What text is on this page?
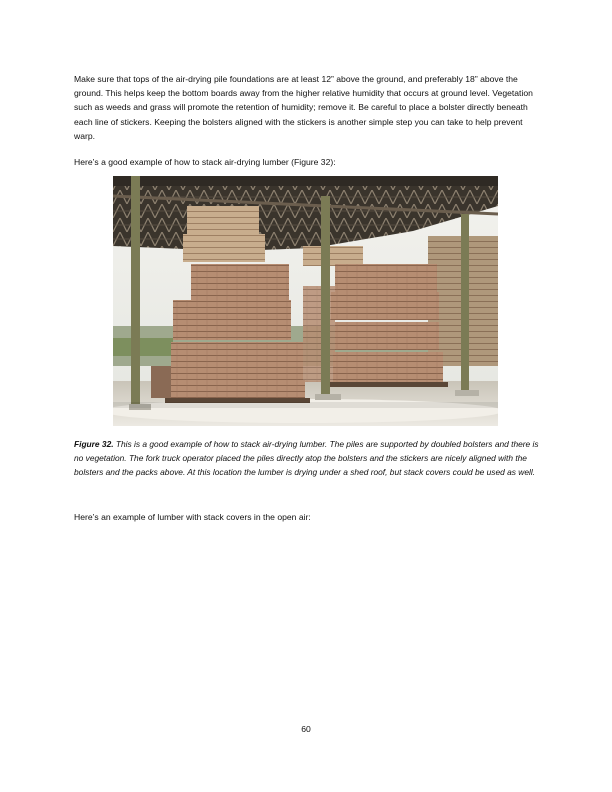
Make sure that tops of the air-drying pile foundations are at least 12” above the ground, and preferably 18” above the ground. This helps keep the bottom boards away from the higher relative humidity that occurs at ground level. Vegetation such as weeds and grass will promote the retention of humidity; remove it. Be careful to place a bolster directly beneath each line of stickers. Keeping the bolsters aligned with the stickers is another simple step you can take to help prevent warp.

Here’s a good example of how to stack air-drying lumber (Figure 32):

Figure 32. This is a good example of how to stack air-drying lumber. The piles are supported by doubled bolsters and there is no vegetation. The fork truck operator placed the piles directly atop the bolsters and the stickers are nicely aligned with the bolsters and the packs above. At this location the lumber is drying under a shed roof, but stack covers could be used as well.

Here’s an example of lumber with stack covers in the open air:

60
